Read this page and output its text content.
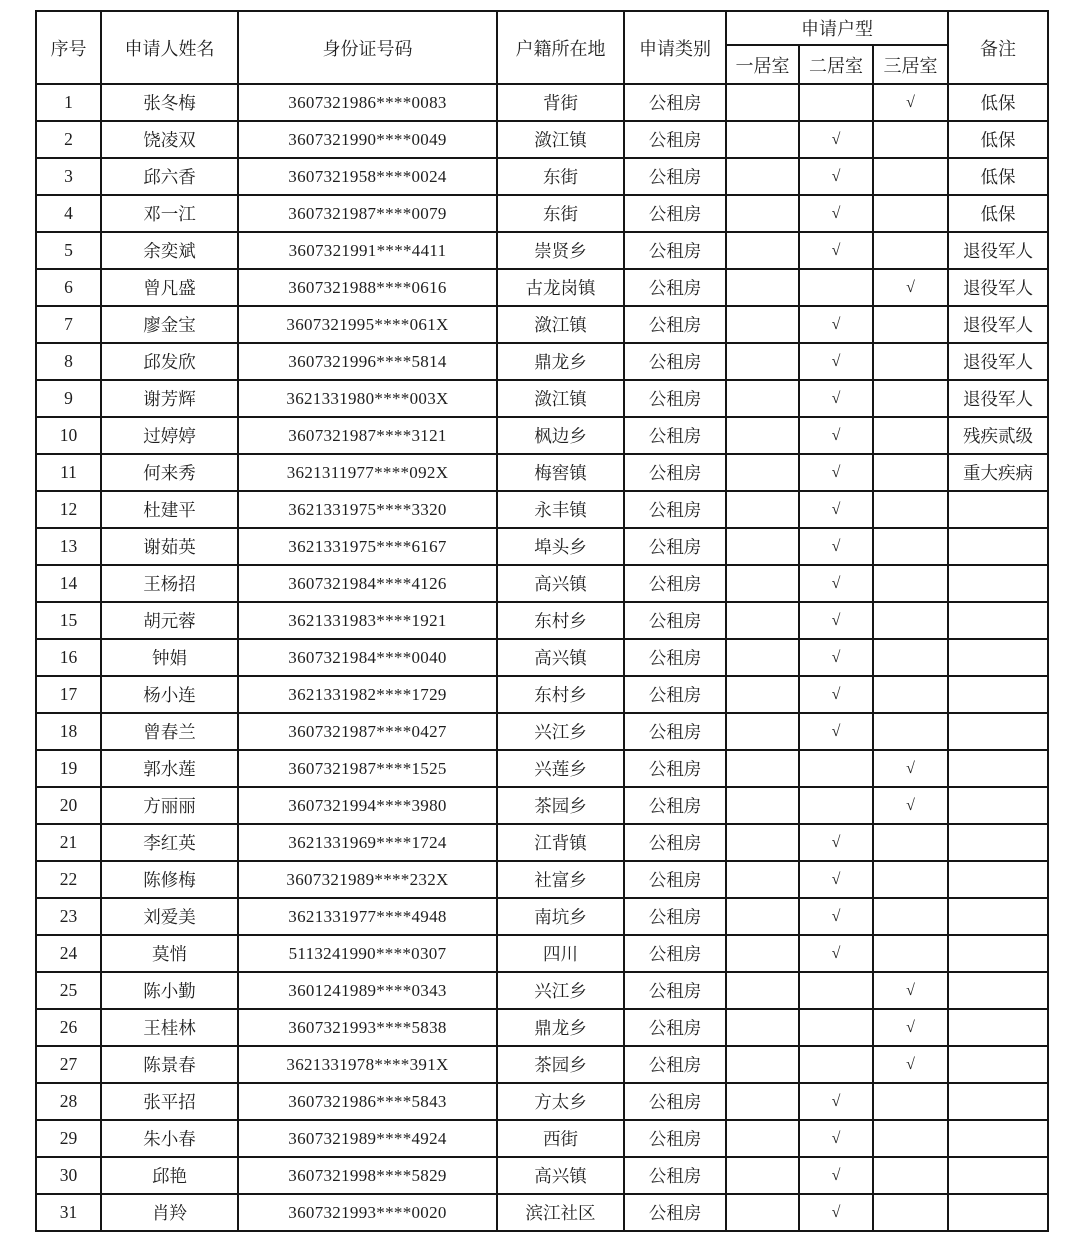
序号	申请人姓名	身份证号码	户籍所在地	申请类别	申请户型			备注
					一居室	二居室	三居室	
1	张冬梅	3607321986****0083	背街	公租房			√	低保
2	饶凌双	3607321990****0049	潋江镇	公租房		√		低保
3	邱六香	3607321958****0024	东街	公租房		√		低保
4	邓一江	3607321987****0079	东街	公租房		√		低保
5	余奕斌	3607321991****4411	崇贤乡	公租房		√		退役军人
6	曾凡盛	3607321988****0616	古龙岗镇	公租房			√	退役军人
7	廖金宝	3607321995****061X	潋江镇	公租房		√		退役军人
8	邱发欣	3607321996****5814	鼎龙乡	公租房		√		退役军人
9	谢芳辉	3621331980****003X	潋江镇	公租房		√		退役军人
10	过婷婷	3607321987****3121	枫边乡	公租房		√		残疾贰级
11	何来秀	3621311977****092X	梅窖镇	公租房		√		重大疾病
12	杜建平	3621331975****3320	永丰镇	公租房		√		
13	谢茹英	3621331975****6167	埠头乡	公租房		√		
14	王杨招	3607321984****4126	高兴镇	公租房		√		
15	胡元蓉	3621331983****1921	东村乡	公租房		√		
16	钟娟	3607321984****0040	高兴镇	公租房		√		
17	杨小连	3621331982****1729	东村乡	公租房		√		
18	曾春兰	3607321987****0427	兴江乡	公租房		√		
19	郭水莲	3607321987****1525	兴莲乡	公租房			√	
20	方丽丽	3607321994****3980	茶园乡	公租房			√	
21	李红英	3621331969****1724	江背镇	公租房		√		
22	陈修梅	3607321989****232X	社富乡	公租房		√		
23	刘爱美	3621331977****4948	南坑乡	公租房		√		
24	莫悄	5113241990****0307	四川	公租房		√		
25	陈小勤	3601241989****0343	兴江乡	公租房			√	
26	王桂林	3607321993****5838	鼎龙乡	公租房			√	
27	陈景春	3621331978****391X	茶园乡	公租房			√	
28	张平招	3607321986****5843	方太乡	公租房		√		
29	朱小春	3607321989****4924	西街	公租房		√		
30	邱艳	3607321998****5829	高兴镇	公租房		√		
31	肖羚	3607321993****0020	滨江社区	公租房		√		
